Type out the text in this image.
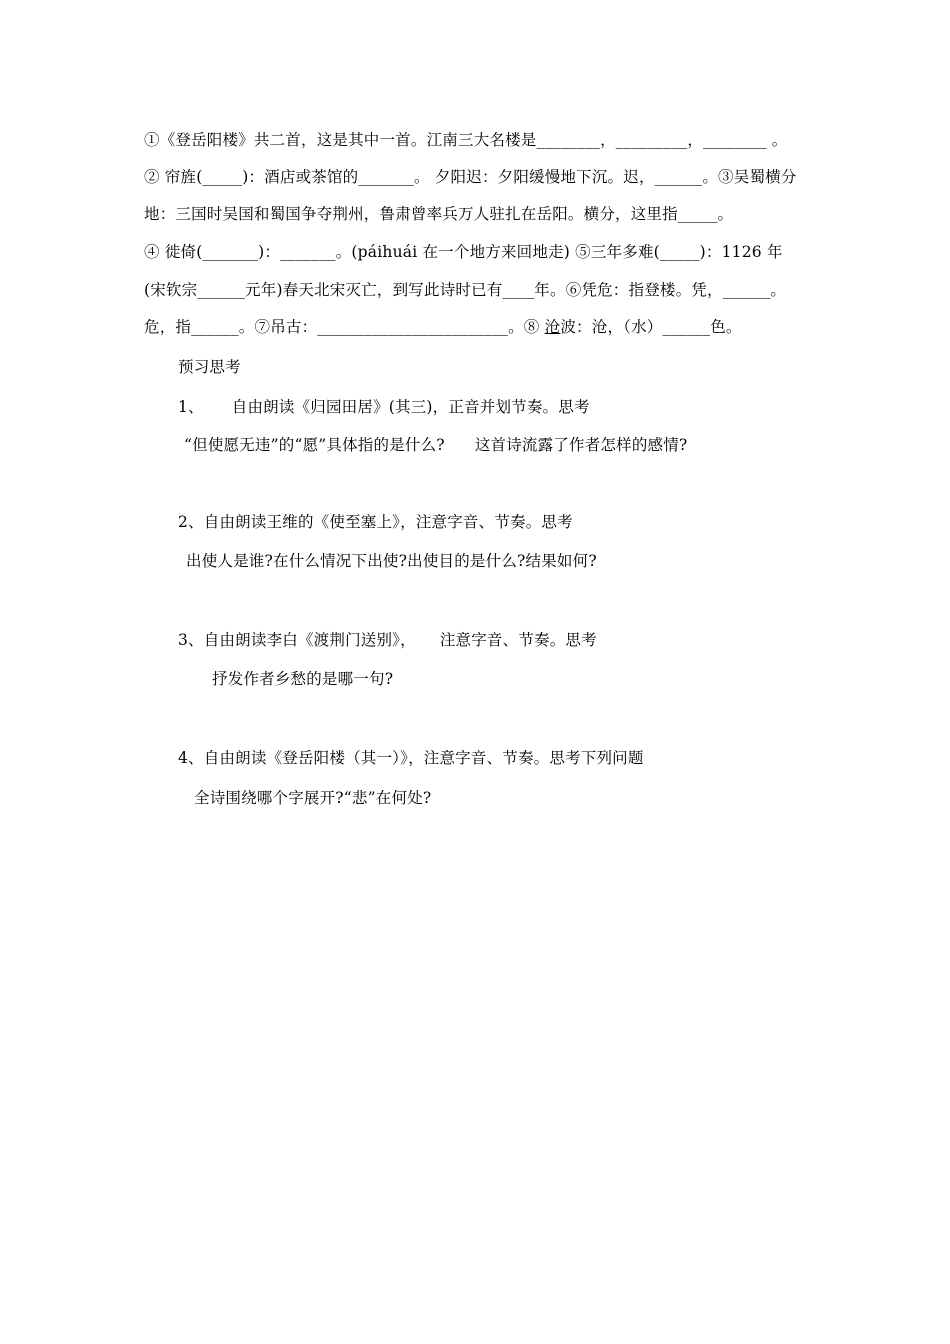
①《登岳阳楼》共二首，这是其中一首。江南三大名楼是________，_________，________ 。
② 帘旌(_____)：酒店或茶馆的_______。 夕阳迟：夕阳缓慢地下沉。迟，______。③吴蜀横分
地：三国时吴国和蜀国争夺荆州，鲁肃曾率兵万人驻扎在岳阳。横分，这里指_____。
④ 徙倚(_______)：_______。(páihuái 在一个地方来回地走) ⑤三年多难(_____)：1126 年
(宋钦宗______元年)春天北宋灭亡，到写此诗时已有____年。⑥凭危：指登楼。凭，______。
危，指______。⑦吊古：________________________。⑧ 沧波：沧，（水）______色。
预习思考
1、 自由朗读《归园田居》(其三)，正音并划节奏。思考
“但使愿无违”的“愿”具体指的是什么? 这首诗流露了作者怎样的感情?
2、自由朗读王维的《使至塞上》，注意字音、节奏。思考
出使人是谁?在什么情况下出使?出使目的是什么?结果如何?
3、自由朗读李白《渡荆门送别》， 注意字音、节奏。思考
抒发作者乡愁的是哪一句?
4、自由朗读《登岳阳楼（其一）》，注意字音、节奏。思考下列问题
全诗围绕哪个字展开?“悲”在何处?
